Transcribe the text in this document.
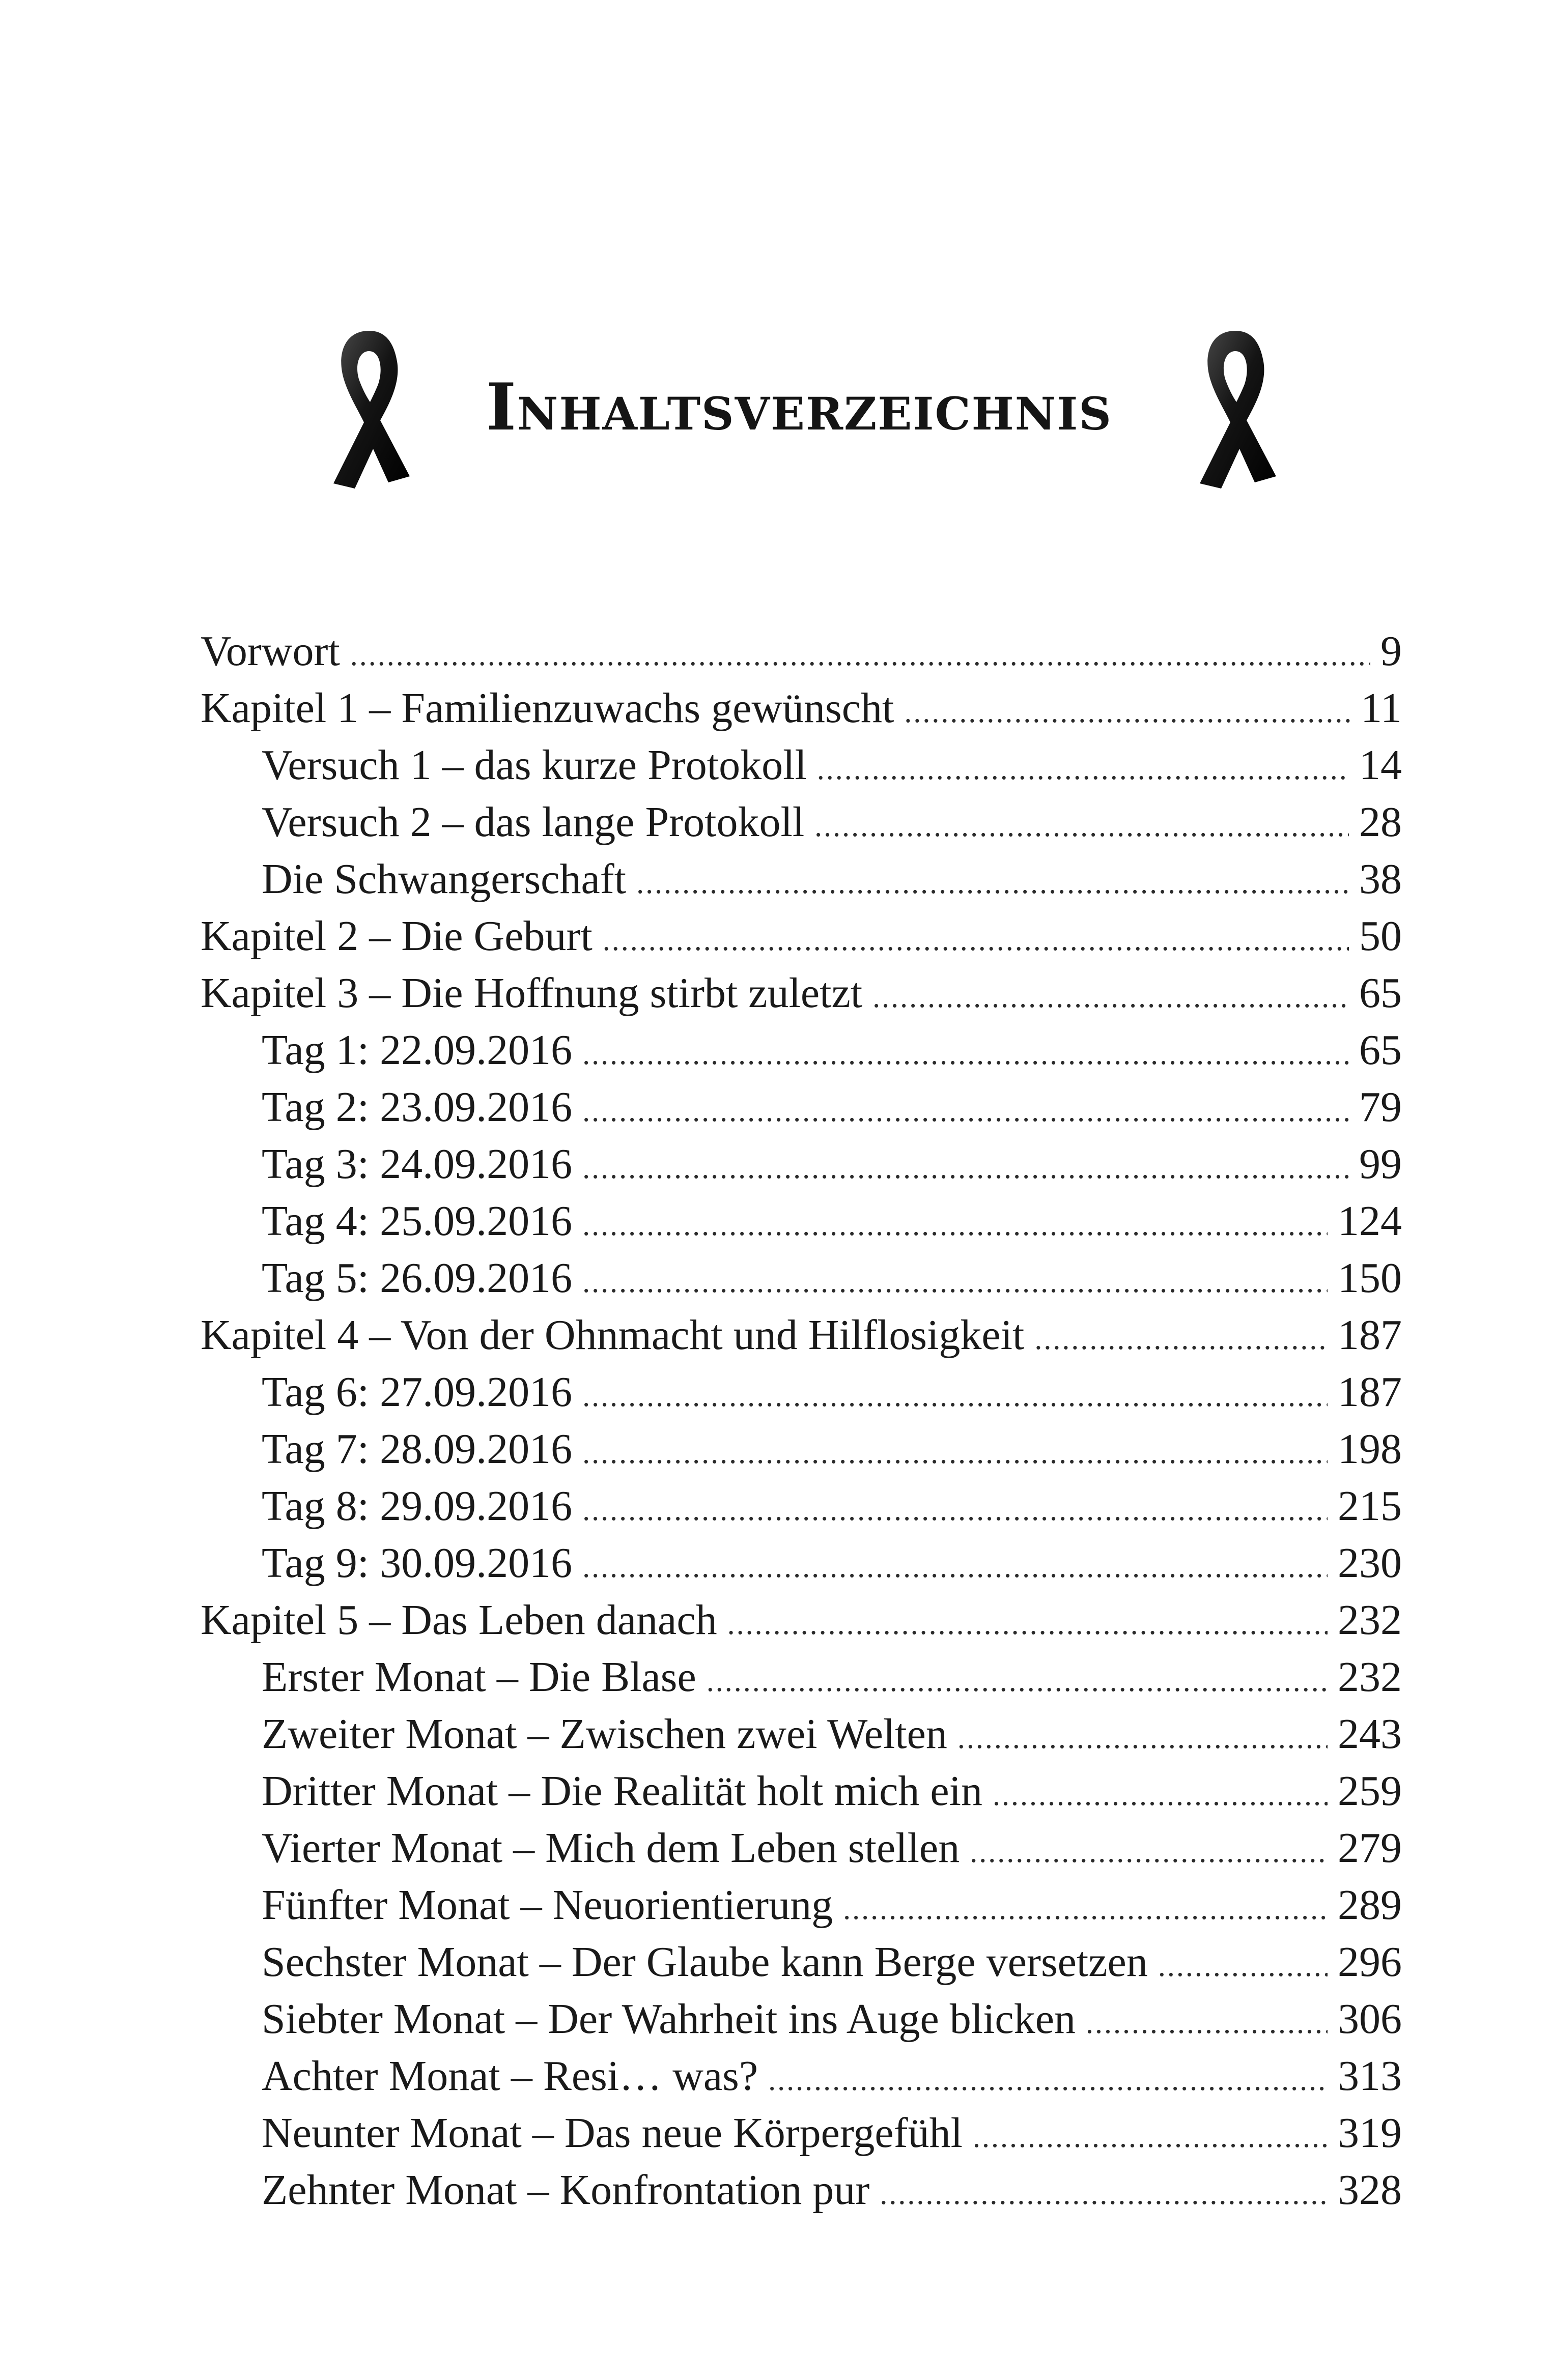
Inhaltsverzeichnis
Vorwort . . .	9
Kapitel 1 – Familienzuwachs gewünscht . . .	11
Versuch 1 – das kurze Protokoll . . .	14
Versuch 2 – das lange Protokoll . . .	28
Die Schwangerschaft . . .	38
Kapitel 2 – Die Geburt . . .	50
Kapitel 3 – Die Hoffnung stirbt zuletzt . . .	65
Tag 1: 22.09.2016 . . .	65
Tag 2: 23.09.2016 . . .	79
Tag 3: 24.09.2016 . . .	99
Tag 4: 25.09.2016 . . .	124
Tag 5: 26.09.2016 . . .	150
Kapitel 4 – Von der Ohnmacht und Hilflosigkeit . . .	187
Tag 6: 27.09.2016 . . .	187
Tag 7: 28.09.2016 . . .	198
Tag 8: 29.09.2016 . . .	215
Tag 9: 30.09.2016 . . .	230
Kapitel 5 – Das Leben danach . . .	232
Erster Monat – Die Blase . . .	232
Zweiter Monat – Zwischen zwei Welten . . .	243
Dritter Monat – Die Realität holt mich ein . . .	259
Vierter Monat – Mich dem Leben stellen . . .	279
Fünfter Monat – Neuorientierung . . .	289
Sechster Monat – Der Glaube kann Berge versetzen . . .	296
Siebter Monat – Der Wahrheit ins Auge blicken . . .	306
Achter Monat – Resi… was? . . .	313
Neunter Monat – Das neue Körpergefühl . . .	319
Zehnter Monat – Konfrontation pur . . .	328
